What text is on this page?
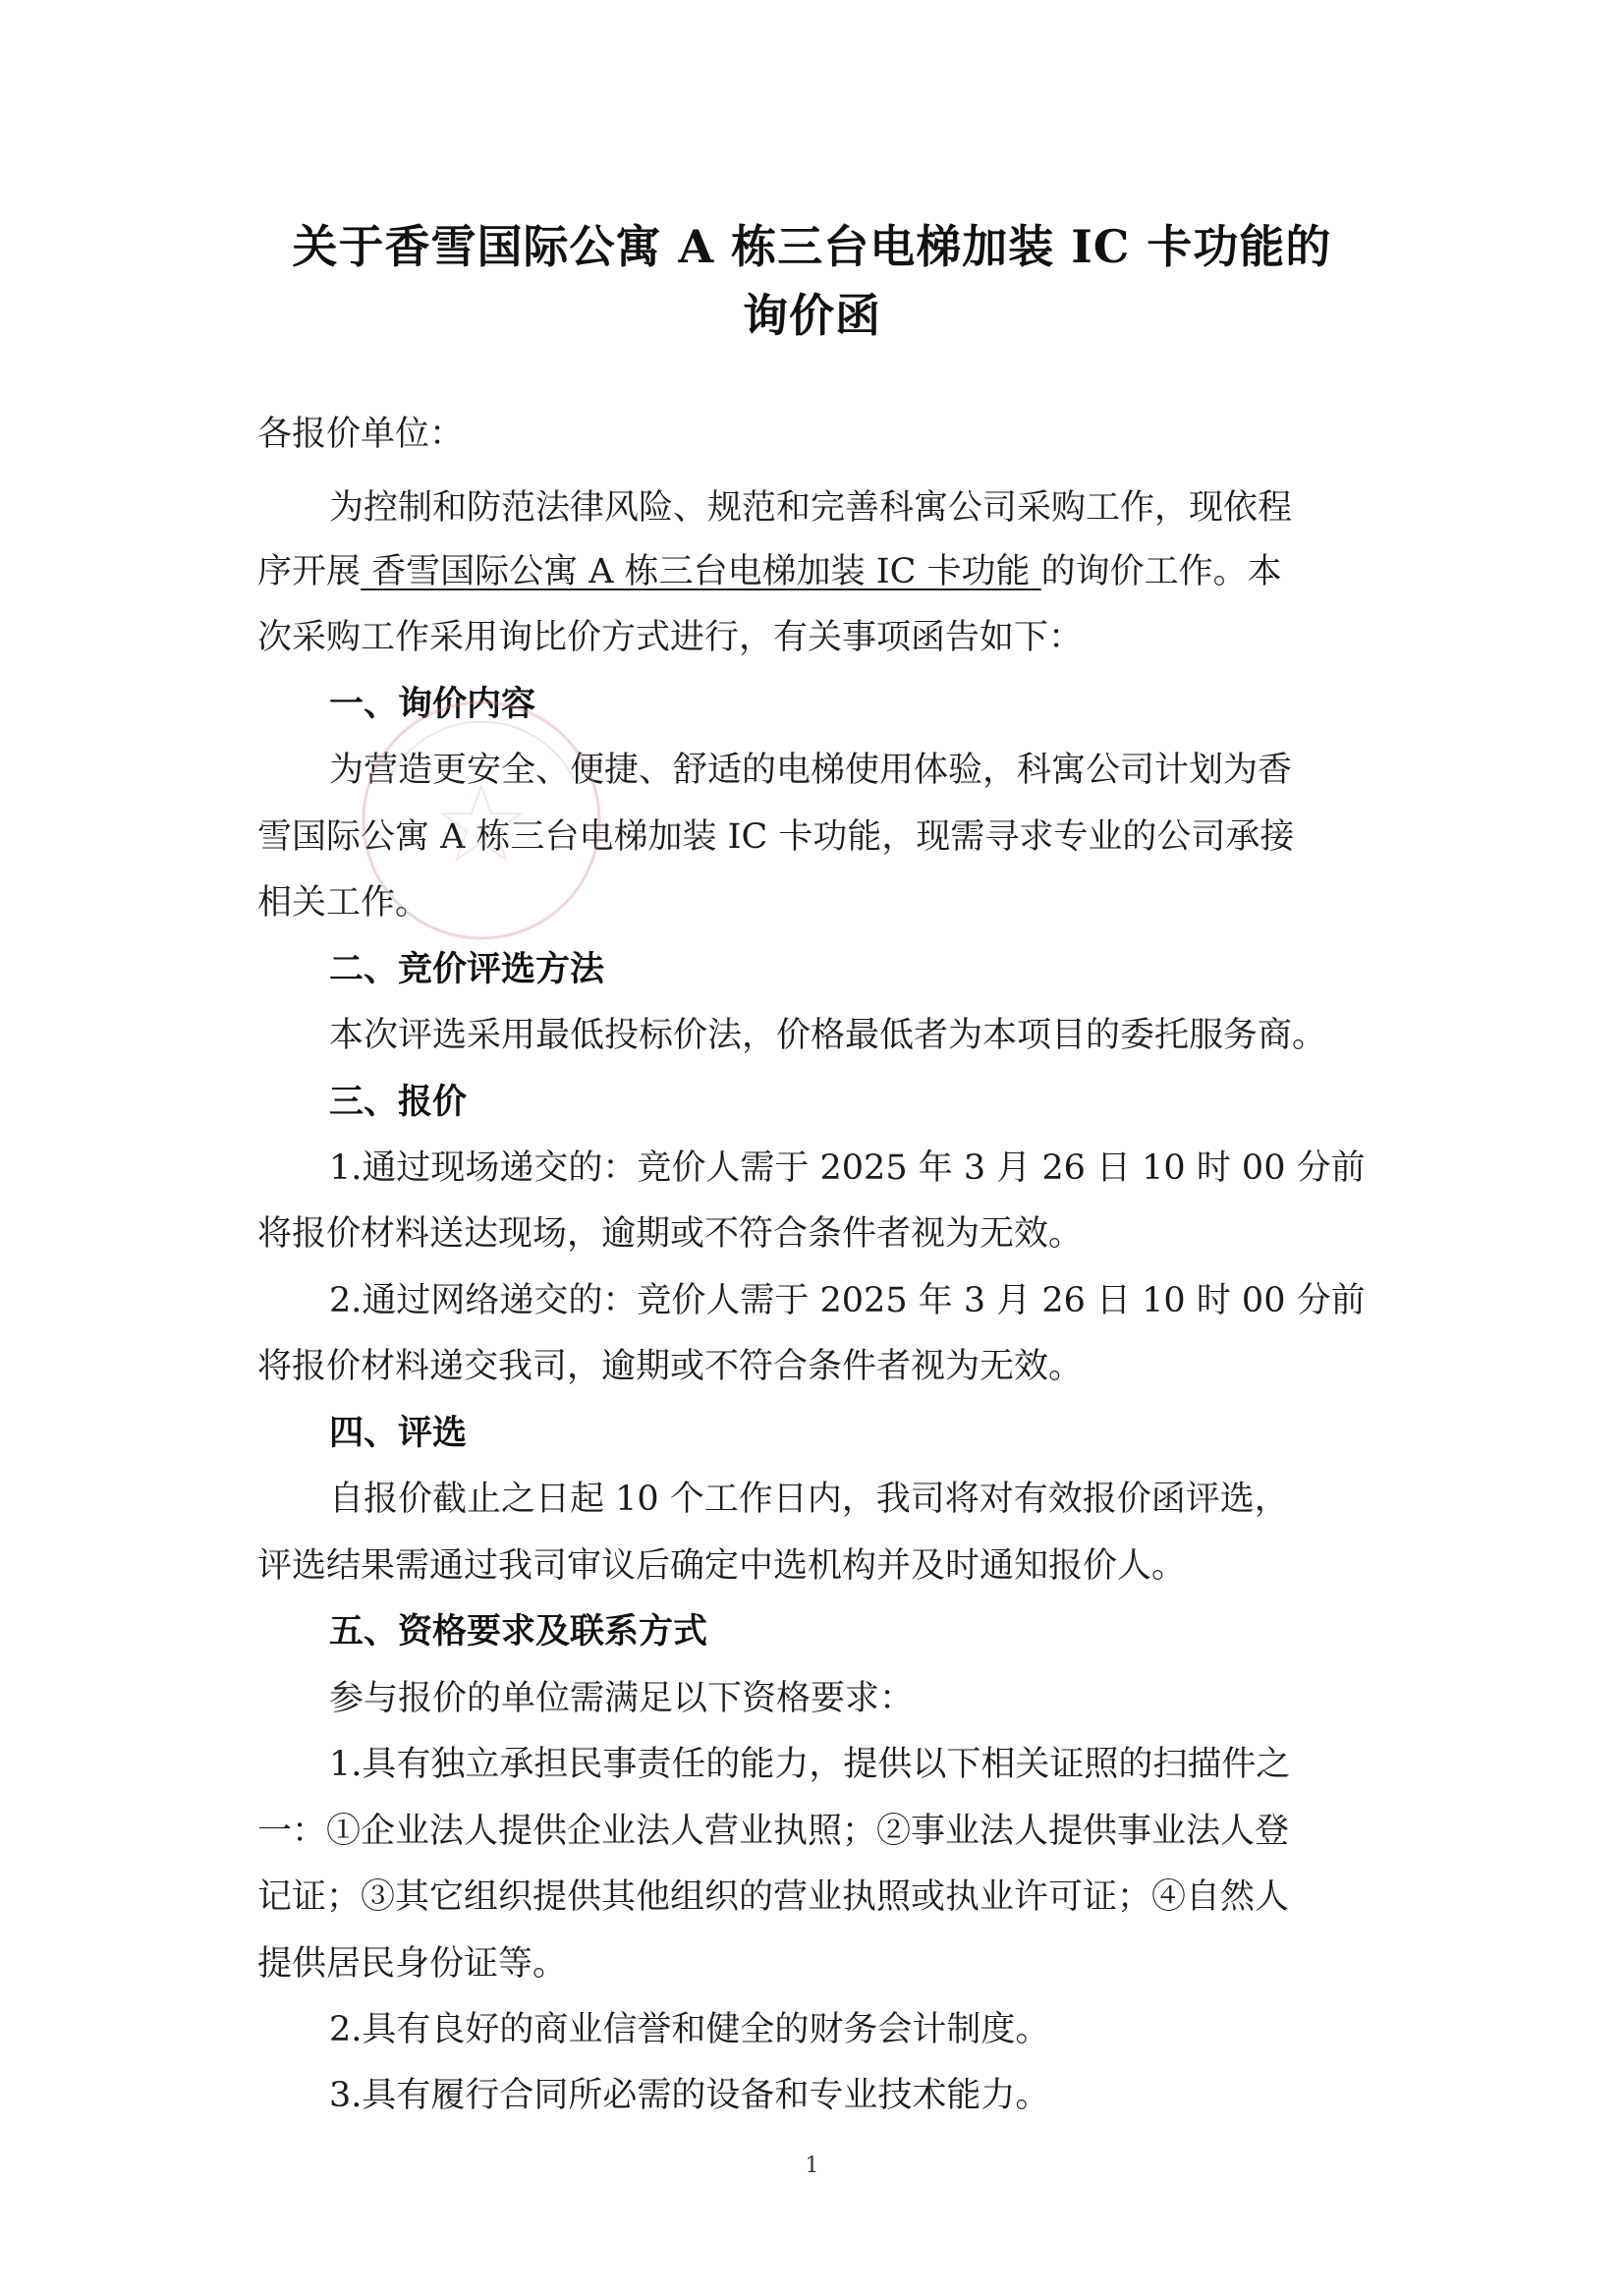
关于香雪国际公寓 A 栋三台电梯加装 IC 卡功能的
询价函
各报价单位：
为控制和防范法律风险、规范和完善科寓公司采购工作，现依程
序开展 香雪国际公寓 A 栋三台电梯加装 IC 卡功能 的询价工作。本
次采购工作采用询比价方式进行，有关事项函告如下：
一、询价内容
为营造更安全、便捷、舒适的电梯使用体验，科寓公司计划为香
雪国际公寓 A 栋三台电梯加装 IC 卡功能，现需寻求专业的公司承接
相关工作。
二、竞价评选方法
本次评选采用最低投标价法，价格最低者为本项目的委托服务商。
三、报价
1.通过现场递交的：竞价人需于 2025 年 3 月 26 日 10 时 00 分前
将报价材料送达现场，逾期或不符合条件者视为无效。
2.通过网络递交的：竞价人需于 2025 年 3 月 26 日 10 时 00 分前
将报价材料递交我司，逾期或不符合条件者视为无效。
四、评选
自报价截止之日起 10 个工作日内，我司将对有效报价函评选，
评选结果需通过我司审议后确定中选机构并及时通知报价人。
五、资格要求及联系方式
参与报价的单位需满足以下资格要求：
1.具有独立承担民事责任的能力，提供以下相关证照的扫描件之
一：①企业法人提供企业法人营业执照；②事业法人提供事业法人登
记证；③其它组织提供其他组织的营业执照或执业许可证；④自然人
提供居民身份证等。
2.具有良好的商业信誉和健全的财务会计制度。
3.具有履行合同所必需的设备和专业技术能力。
1
